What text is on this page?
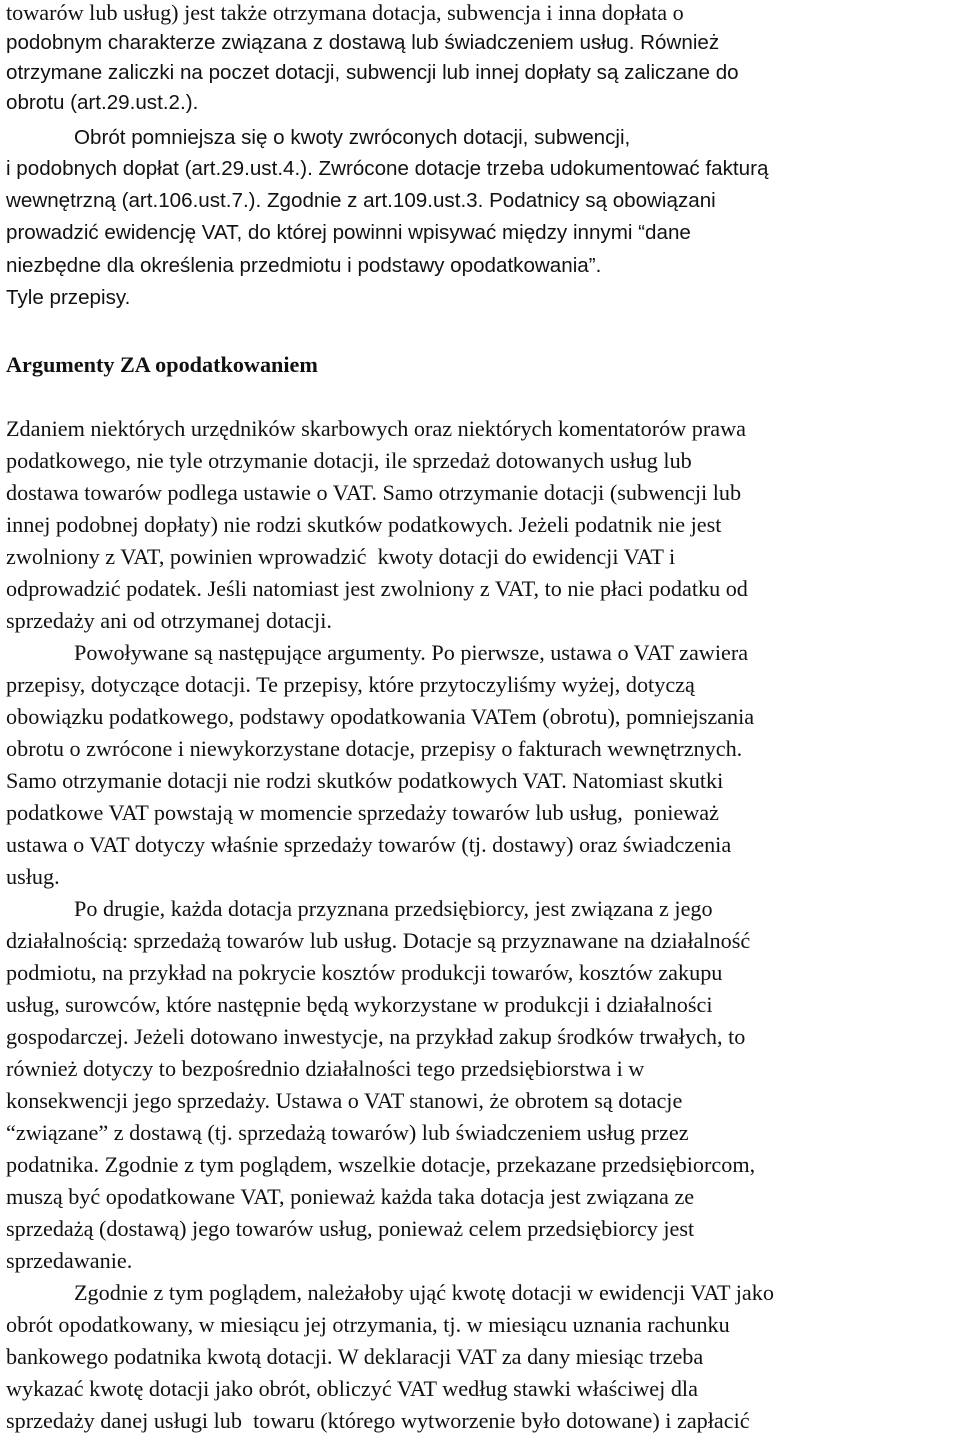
towarów lub usług) jest także otrzymana dotacja, subwencja i inna dopłata o
podobnym charakterze związana z dostawą lub świadczeniem usług. Również
otrzymane zaliczki na poczet dotacji, subwencji lub innej dopłaty są zaliczane do
obrotu (art.29.ust.2.).
Obrót pomniejsza się o kwoty zwróconych dotacji, subwencji,
i podobnych dopłat (art.29.ust.4.). Zwrócone dotacje trzeba udokumentować fakturą
wewnętrzną (art.106.ust.7.). Zgodnie z art.109.ust.3. Podatnicy są obowiązani
prowadzić ewidencję VAT, do której powinni wpisywać między innymi “dane
niezbędne dla określenia przedmiotu i podstawy opodatkowania”.
Tyle przepisy.
Argumenty ZA opodatkowaniem
Zdaniem niektórych urzędników skarbowych oraz niektórych komentatorów prawa
podatkowego, nie tyle otrzymanie dotacji, ile sprzedaż dotowanych usług lub
dostawa towarów podlega ustawie o VAT. Samo otrzymanie dotacji (subwencji lub
innej podobnej dopłaty) nie rodzi skutków podatkowych. Jeżeli podatnik nie jest
zwolniony z VAT, powinien wprowadzić  kwoty dotacji do ewidencji VAT i
odprowadzić podatek. Jeśli natomiast jest zwolniony z VAT, to nie płaci podatku od
sprzedaży ani od otrzymanej dotacji.
Powoływane są następujące argumenty. Po pierwsze, ustawa o VAT zawiera
przepisy, dotyczące dotacji. Te przepisy, które przytoczyliśmy wyżej, dotyczą
obowiązku podatkowego, podstawy opodatkowania VATem (obrotu), pomniejszania
obrotu o zwrócone i niewykorzystane dotacje, przepisy o fakturach wewnętrznych.
Samo otrzymanie dotacji nie rodzi skutków podatkowych VAT. Natomiast skutki
podatkowe VAT powstają w momencie sprzedaży towarów lub usług,  ponieważ
ustawa o VAT dotyczy właśnie sprzedaży towarów (tj. dostawy) oraz świadczenia
usług.
Po drugie, każda dotacja przyznana przedsiębiorcy, jest związana z jego
działalnością: sprzedażą towarów lub usług. Dotacje są przyznawane na działalność
podmiotu, na przykład na pokrycie kosztów produkcji towarów, kosztów zakupu
usług, surowców, które następnie będą wykorzystane w produkcji i działalności
gospodarczej. Jeżeli dotowano inwestycje, na przykład zakup środków trwałych, to
również dotyczy to bezpośrednio działalności tego przedsiębiorstwa i w
konsekwencji jego sprzedaży. Ustawa o VAT stanowi, że obrotem są dotacje
“związane” z dostawą (tj. sprzedażą towarów) lub świadczeniem usług przez
podatnika. Zgodnie z tym poglądem, wszelkie dotacje, przekazane przedsiębiorcom,
muszą być opodatkowane VAT, ponieważ każda taka dotacja jest związana ze
sprzedażą (dostawą) jego towarów usług, ponieważ celem przedsiębiorcy jest
sprzedawanie.
Zgodnie z tym poglądem, należałoby ująć kwotę dotacji w ewidencji VAT jako
obrót opodatkowany, w miesiącu jej otrzymania, tj. w miesiącu uznania rachunku
bankowego podatnika kwotą dotacji. W deklaracji VAT za dany miesiąc trzeba
wykazać kwotę dotacji jako obrót, obliczyć VAT według stawki właściwej dla
sprzedaży danej usługi lub  towaru (którego wytworzenie było dotowane) i zapłacić
